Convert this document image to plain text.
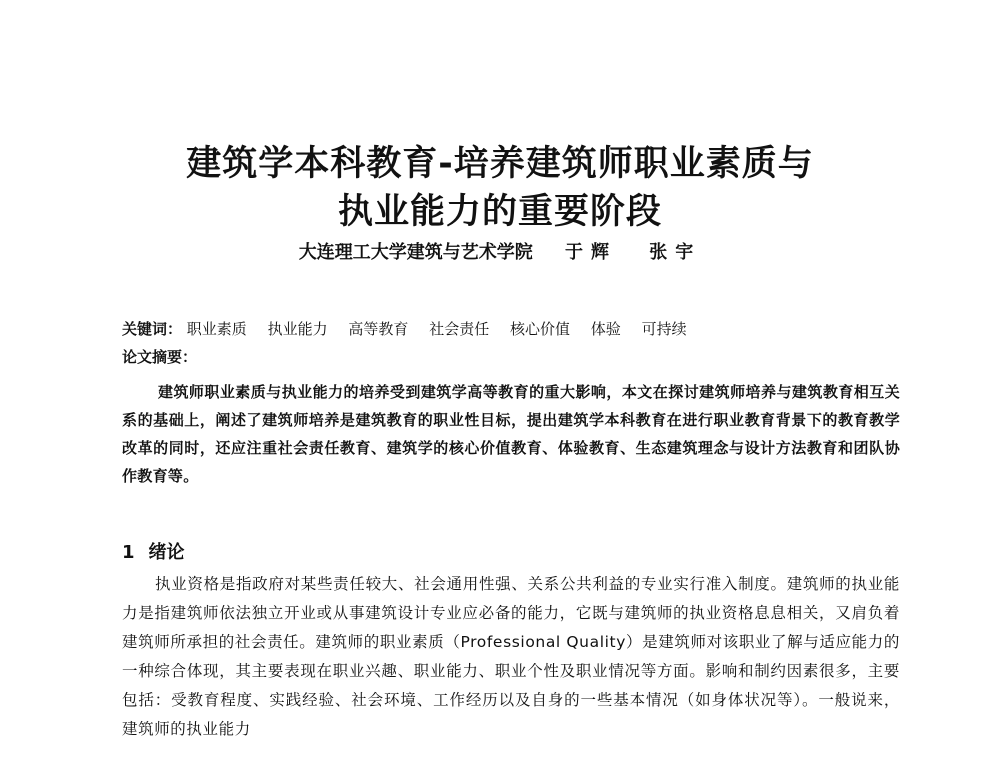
建筑学本科教育-培养建筑师职业素质与
执业能力的重要阶段
大连理工大学建筑与艺术学院 于辉 张宇
关键词： 职业素质 执业能力 高等教育 社会责任 核心价值 体验 可持续
论文摘要：
建筑师职业素质与执业能力的培养受到建筑学高等教育的重大影响，本文在探讨建筑师培养与建筑教育相互关系的基础上，阐述了建筑师培养是建筑教育的职业性目标，提出建筑学本科教育在进行职业教育背景下的教育教学改革的同时，还应注重社会责任教育、建筑学的核心价值教育、体验教育、生态建筑理念与设计方法教育和团队协作教育等。
1 绪论
执业资格是指政府对某些责任较大、社会通用性强、关系公共利益的专业实行准入制度。建筑师的执业能力是指建筑师依法独立开业或从事建筑设计专业应必备的能力，它既与建筑师的执业资格息息相关，又肩负着建筑师所承担的社会责任。建筑师的职业素质（Professional Quality）是建筑师对该职业了解与适应能力的一种综合体现，其主要表现在职业兴趣、职业能力、职业个性及职业情况等方面。影响和制约因素很多，主要包括：受教育程度、实践经验、社会环境、工作经历以及自身的一些基本情况（如身体状况等）。一般说来，建筑师的执业能力
